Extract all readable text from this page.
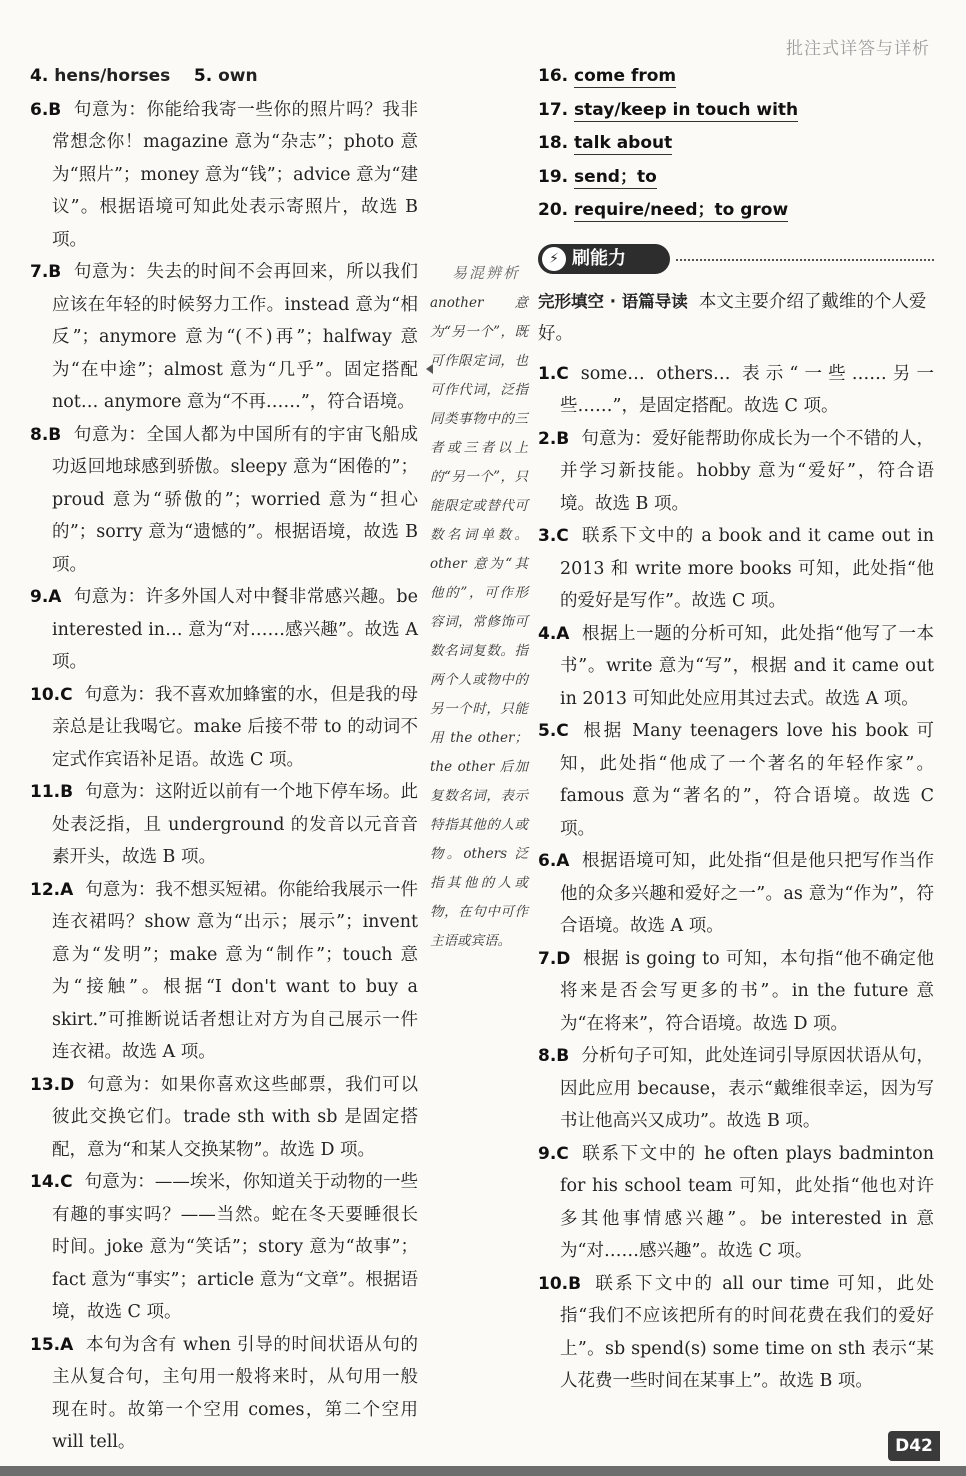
批注式详答与详析

4. hens/horses 5. own

6.B 句意为：你能给我寄一些你的照片吗？我非常想念你！magazine 意为“杂志”；photo 意为“照片”；money 意为“钱”；advice 意为“建议”。根据语境可知此处表示寄照片，故选 B 项。

7.B 句意为：失去的时间不会再回来，所以我们应该在年轻的时候努力工作。instead 意为“相反”；anymore 意为“(不)再”；halfway 意为“在中途”；almost 意为“几乎”。固定搭配 not… anymore 意为“不再……”，符合语境。

8.B 句意为：全国人都为中国所有的宇宙飞船成功返回地球感到骄傲。sleepy 意为“困倦的”；proud 意为“骄傲的”；worried 意为“担心的”；sorry 意为“遗憾的”。根据语境，故选 B 项。

9.A 句意为：许多外国人对中餐非常感兴趣。be interested in… 意为“对……感兴趣”。故选 A 项。

10.C 句意为：我不喜欢加蜂蜜的水，但是我的母亲总是让我喝它。make 后接不带 to 的动词不定式作宾语补足语。故选 C 项。

11.B 句意为：这附近以前有一个地下停车场。此处表泛指，且 underground 的发音以元音音素开头，故选 B 项。

12.A 句意为：我不想买短裙。你能给我展示一件连衣裙吗？show 意为“出示；展示”；invent 意为“发明”；make 意为“制作”；touch 意为“接触”。根据“I don't want to buy a skirt.”可推断说话者想让对方为自己展示一件连衣裙。故选 A 项。

13.D 句意为：如果你喜欢这些邮票，我们可以彼此交换它们。trade sth with sb 是固定搭配，意为“和某人交换某物”。故选 D 项。

14.C 句意为：——埃米，你知道关于动物的一些有趣的事实吗？——当然。蛇在冬天要睡很长时间。joke 意为“笑话”；story 意为“故事”；fact 意为“事实”；article 意为“文章”。根据语境，故选 C 项。

15.A 本句为含有 when 引导的时间状语从句的主从复合句，主句用一般将来时，从句用一般现在时。故第一个空用 comes，第二个空用 will tell。

易混辨析

another 意为“另一个”，既可作限定词，也可作代词，泛指同类事物中的三者或三者以上的“另一个”，只能限定或替代可数名词单数。other 意为“其他的”，可作形容词，常修饰可数名词复数。指两个人或物中的另一个时，只能用 the other；the other 后加复数名词，表示特指其他的人或物。others 泛指其他的人或物，在句中可作主语或宾语。

16. come from

17. stay/keep in touch with

18. talk about

19. send；to

20. require/need；to grow

⚡ 刷能力

完形填空 · 语篇导读 本文主要介绍了戴维的个人爱好。

1.C some… others… 表示“一些……另一些……”，是固定搭配。故选 C 项。

2.B 句意为：爱好能帮助你成长为一个不错的人，并学习新技能。hobby 意为“爱好”，符合语境。故选 B 项。

3.C 联系下文中的 a book and it came out in 2013 和 write more books 可知，此处指“他的爱好是写作”。故选 C 项。

4.A 根据上一题的分析可知，此处指“他写了一本书”。write 意为“写”，根据 and it came out in 2013 可知此处应用其过去式。故选 A 项。

5.C 根据 Many teenagers love his book 可知，此处指“他成了一个著名的年轻作家”。famous 意为“著名的”，符合语境。故选 C 项。

6.A 根据语境可知，此处指“但是他只把写作当作他的众多兴趣和爱好之一”。as 意为“作为”，符合语境。故选 A 项。

7.D 根据 is going to 可知，本句指“他不确定他将来是否会写更多的书”。in the future 意为“在将来”，符合语境。故选 D 项。

8.B 分析句子可知，此处连词引导原因状语从句，因此应用 because，表示“戴维很幸运，因为写书让他高兴又成功”。故选 B 项。

9.C 联系下文中的 he often plays badminton for his school team 可知，此处指“他也对许多其他事情感兴趣”。be interested in 意为“对……感兴趣”。故选 C 项。

10.B 联系下文中的 all our time 可知，此处指“我们不应该把所有的时间花费在我们的爱好上”。sb spend(s) some time on sth 表示“某人花费一些时间在某事上”。故选 B 项。

D42
